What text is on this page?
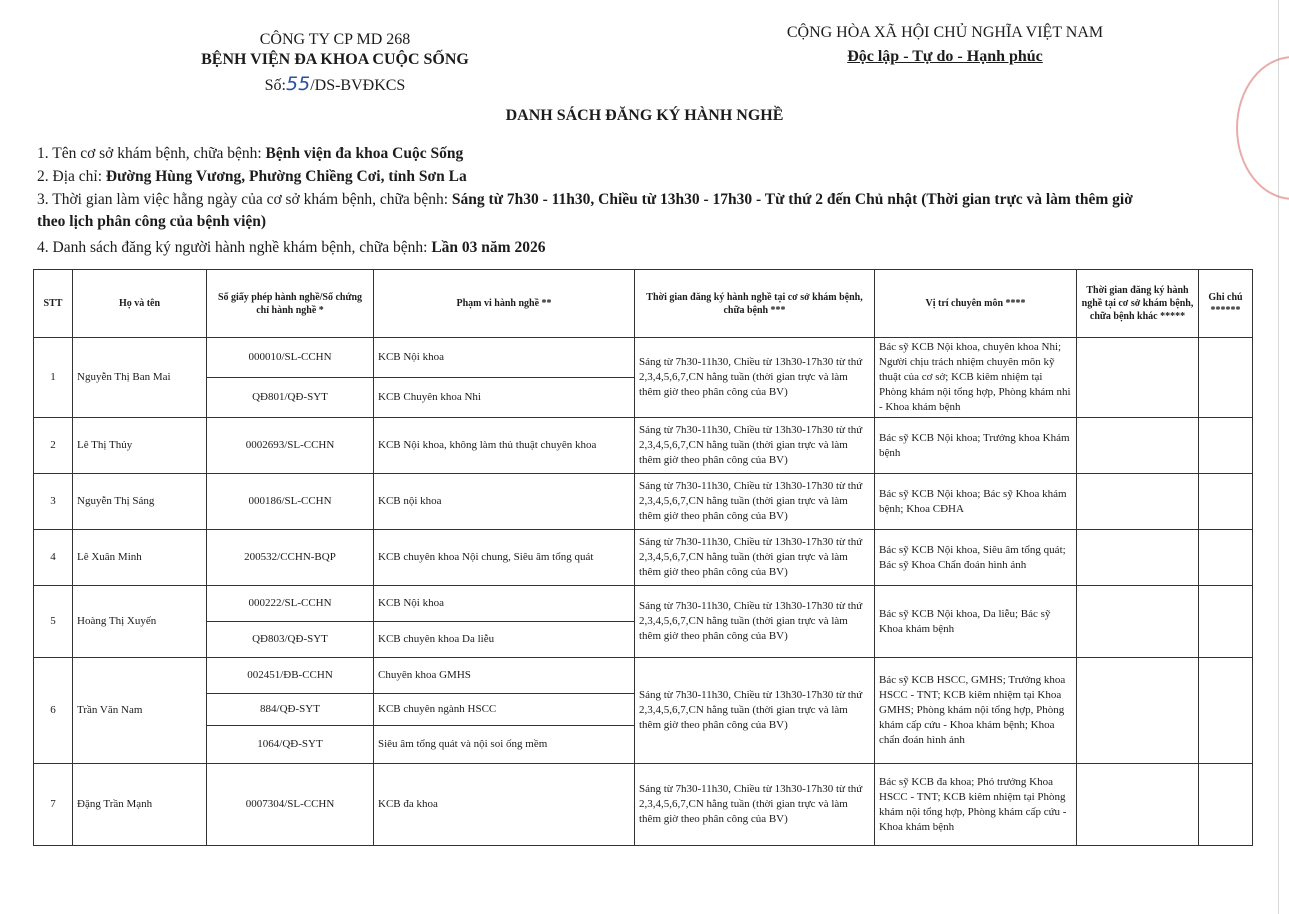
CÔNG TY CP MD 268
BỆNH VIỆN ĐA KHOA CUỘC SỐNG
Số:55/DS-BVĐKCS
CỘNG HÒA XÃ HỘI CHỦ NGHĨA VIỆT NAM
Độc lập - Tự do - Hạnh phúc
DANH SÁCH ĐĂNG KÝ HÀNH NGHỀ
1. Tên cơ sở khám bệnh, chữa bệnh: Bệnh viện đa khoa Cuộc Sống
2. Địa chỉ: Đường Hùng Vương, Phường Chiềng Cơi, tỉnh Sơn La
3. Thời gian làm việc hằng ngày của cơ sở khám bệnh, chữa bệnh: Sáng từ 7h30 - 11h30, Chiều từ 13h30 - 17h30 - Từ thứ 2 đến Chủ nhật (Thời gian trực và làm thêm giờ
theo lịch phân công của bệnh viện)
4. Danh sách đăng ký người hành nghề khám bệnh, chữa bệnh: Lần 03 năm 2026
STT	Họ và tên	Số giấy phép hành nghề/Số chứng chỉ hành nghề *	Phạm vi hành nghề **	Thời gian đăng ký hành nghề tại cơ sở khám bệnh, chữa bệnh ***	Vị trí chuyên môn ****	Thời gian đăng ký hành nghề tại cơ sở khám bệnh, chữa bệnh khác *****	Ghi chú ******
1	Nguyễn Thị Ban Mai	000010/SL-CCHN	KCB Nội khoa	Sáng từ 7h30-11h30, Chiều từ 13h30-17h30 từ thứ 2,3,4,5,6,7,CN hằng tuần (thời gian trực và làm thêm giờ theo phân công của BV)	Bác sỹ KCB Nội khoa, chuyên khoa Nhi; Người chịu trách nhiệm chuyên môn kỹ thuật của cơ sở; KCB kiêm nhiệm tại Phòng khám nội tổng hợp, Phòng khám nhi - Khoa khám bệnh		
		QĐ801/QĐ-SYT	KCB Chuyên khoa Nhi				
2	Lê Thị Thủy	0002693/SL-CCHN	KCB Nội khoa, không làm thủ thuật chuyên khoa	Sáng từ 7h30-11h30, Chiều từ 13h30-17h30 từ thứ 2,3,4,5,6,7,CN hằng tuần (thời gian trực và làm thêm giờ theo phân công của BV)	Bác sỹ KCB Nội khoa; Trưởng khoa Khám bệnh		
3	Nguyễn Thị Sáng	000186/SL-CCHN	KCB nội khoa	Sáng từ 7h30-11h30, Chiều từ 13h30-17h30 từ thứ 2,3,4,5,6,7,CN hằng tuần (thời gian trực và làm thêm giờ theo phân công của BV)	Bác sỹ KCB Nội khoa; Bác sỹ Khoa khám bệnh; Khoa CĐHA		
4	Lê Xuân Minh	200532/CCHN-BQP	KCB chuyên khoa Nội chung, Siêu âm tổng quát	Sáng từ 7h30-11h30, Chiều từ 13h30-17h30 từ thứ 2,3,4,5,6,7,CN hằng tuần (thời gian trực và làm thêm giờ theo phân công của BV)	Bác sỹ KCB Nội khoa, Siêu âm tổng quát; Bác sỹ Khoa Chẩn đoán hình ảnh		
5	Hoàng Thị Xuyến	000222/SL-CCHN	KCB Nội khoa	Sáng từ 7h30-11h30, Chiều từ 13h30-17h30 từ thứ 2,3,4,5,6,7,CN hằng tuần (thời gian trực và làm thêm giờ theo phân công của BV)	Bác sỹ KCB Nội khoa, Da liễu; Bác sỹ Khoa khám bệnh		
		QĐ803/QĐ-SYT	KCB chuyên khoa Da liễu				
6	Trần Văn Nam	002451/ĐB-CCHN	Chuyên khoa GMHS	Sáng từ 7h30-11h30, Chiều từ 13h30-17h30 từ thứ 2,3,4,5,6,7,CN hằng tuần (thời gian trực và làm thêm giờ theo phân công của BV)	Bác sỹ KCB HSCC, GMHS; Trưởng khoa HSCC - TNT; KCB kiêm nhiệm tại Khoa GMHS; Phòng khám nội tổng hợp, Phòng khám cấp cứu - Khoa khám bệnh; Khoa chẩn đoán hình ảnh		
		884/QĐ-SYT	KCB chuyên ngành HSCC				
		1064/QĐ-SYT	Siêu âm tổng quát và nội soi ống mềm				
7	Đặng Trần Mạnh	0007304/SL-CCHN	KCB đa khoa	Sáng từ 7h30-11h30, Chiều từ 13h30-17h30 từ thứ 2,3,4,5,6,7,CN hằng tuần (thời gian trực và làm thêm giờ theo phân công của BV)	Bác sỹ KCB đa khoa; Phó trưởng Khoa HSCC - TNT; KCB kiêm nhiệm tại Phòng khám nội tổng hợp, Phòng khám cấp cứu - Khoa khám bệnh		
